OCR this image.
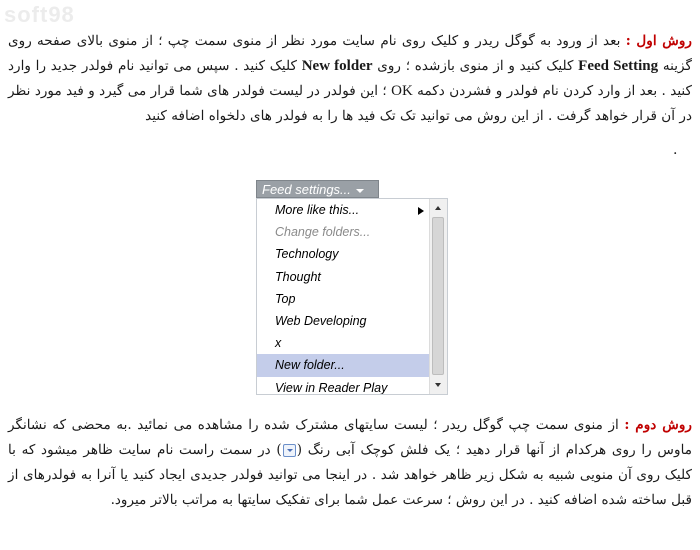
soft98

روش اول : بعد از ورود به گوگل ریدر و کلیک روی نام سایت مورد نظر از منوی سمت چپ ؛ از منوی بالای صفحه روی گزینه Feed Setting کلیک کنید و از منوی بازشده ؛ روی New folder کلیک کنید . سپس می توانید نام فولدر جدید را وارد کنید . بعد از وارد کردن نام فولدر و فشردن دکمه OK ؛ این فولدر در لیست فولدر های شما قرار می گیرد و فید مورد نظر در آن قرار خواهد گرفت . از این روش می توانید تک تک فید ها را به فولدر های دلخواه اضافه کنید

.
Feed settings...
More like this...
Change folders...
Technology
Thought
Top
Web Developing
x
New folder...
View in Reader Play

روش دوم : از منوی سمت چپ گوگل ریدر ؛ لیست سایتهای مشترک شده را مشاهده می نمائید .به محضی که نشانگر ماوس را روی هرکدام از آنها قرار دهید ؛ یک فلش کوچک آبی رنگ () در سمت راست نام سایت ظاهر میشود که با کلیک روی آن منویی شبیه به شکل زیر ظاهر خواهد شد . در اینجا می توانید فولدر جدیدی ایجاد کنید یا آنرا به فولدرهای از قبل ساخته شده اضافه کنید . در این روش ؛ سرعت عمل شما برای تفکیک سایتها به مراتب بالاتر میرود.
